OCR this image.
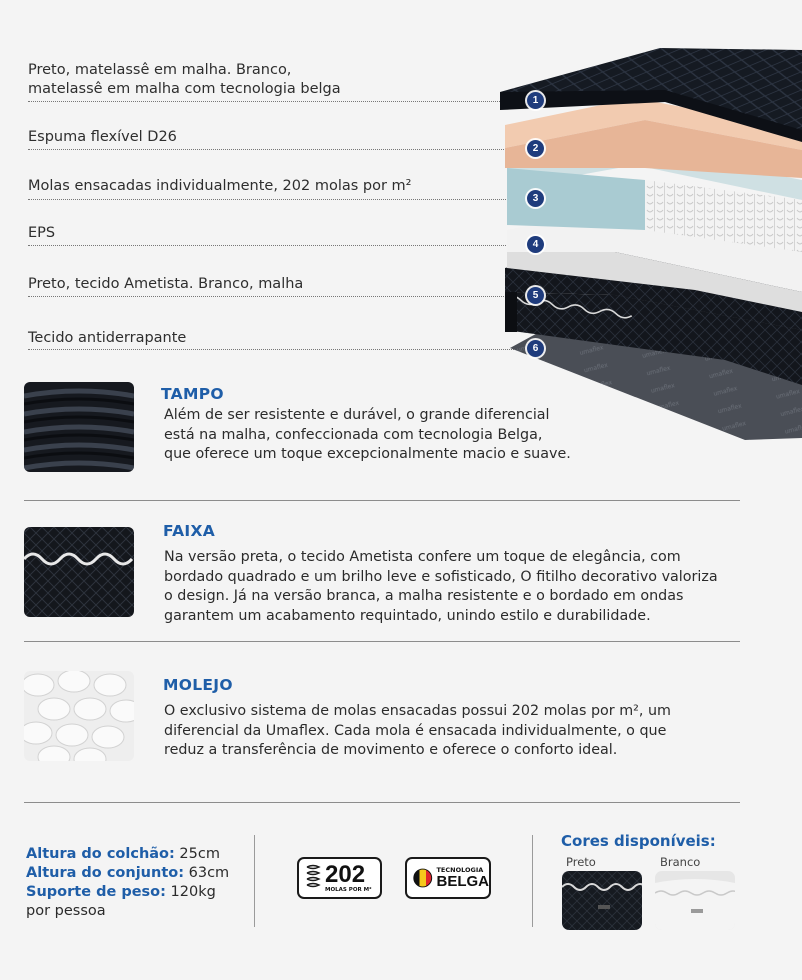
Preto, matelassê em malha. Branco,
matelassê em malha com tecnologia belga
Espuma flexível D26
Molas ensacadas individualmente, 202 molas por m²
EPS
Preto, tecido Ametista. Branco, malha
Tecido antiderrapante
1
2
3
4
5
6
TAMPO
Além de ser resistente e durável, o grande diferencial
está na malha, confeccionada com tecnologia Belga,
que oferece um toque excepcionalmente macio e suave.
FAIXA
Na versão preta, o tecido Ametista confere um toque de elegância, com
bordado quadrado e um brilho leve e sofisticado, O fitilho decorativo valoriza
o design. Já na versão branca, a malha resistente e o bordado em ondas
garantem um acabamento requintado, unindo estilo e durabilidade.
MOLEJO
O exclusivo sistema de molas ensacadas possui 202 molas por m², um
diferencial da Umaflex. Cada mola é ensacada individualmente, o que
reduz a transferência de movimento e oferece o conforto ideal.
Altura do colchão: 25cm
Altura do conjunto: 63cm
Suporte de peso: 120kg
por pessoa
202
MOLAS POR M²
TECNOLOGIA
BELGA
Cores disponíveis:
Preto	Branco
